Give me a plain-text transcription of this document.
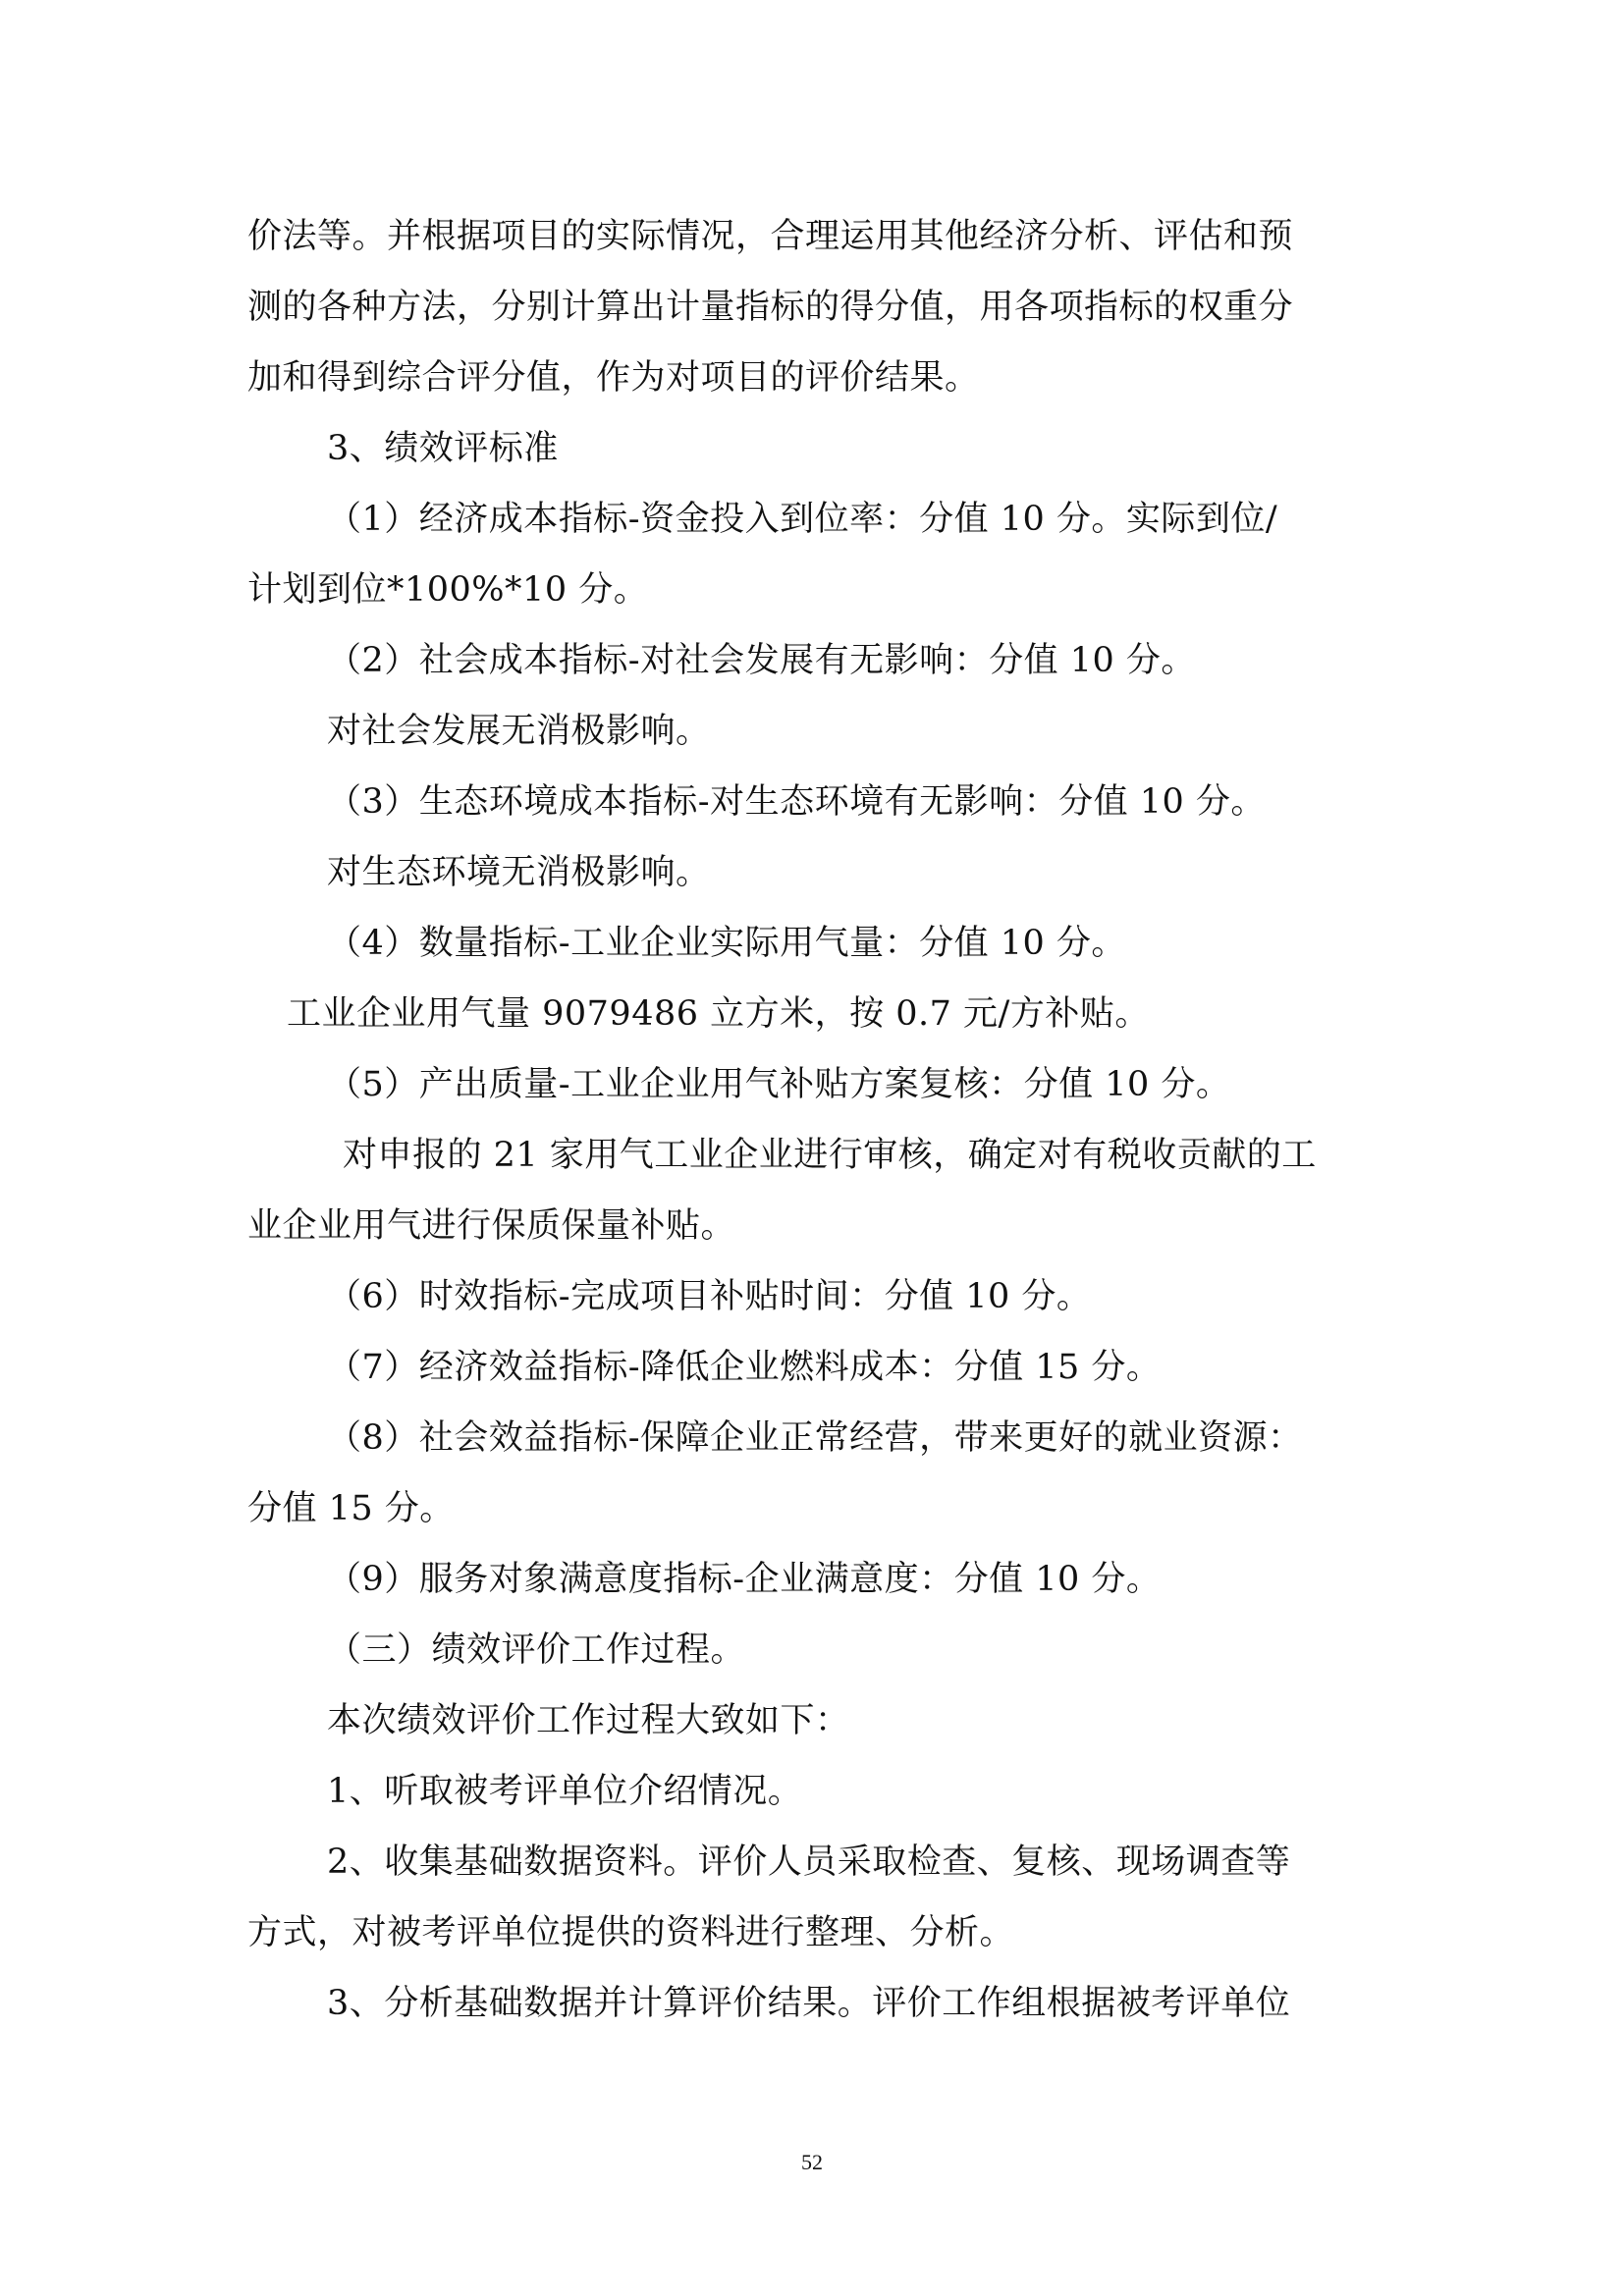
价法等。并根据项目的实际情况，合理运用其他经济分析、评估和预
测的各种方法，分别计算出计量指标的得分值，用各项指标的权重分
加和得到综合评分值，作为对项目的评价结果。
3、绩效评标准
（1）经济成本指标-资金投入到位率：分值 10 分。实际到位/
计划到位*100%*10 分。
（2）社会成本指标-对社会发展有无影响：分值 10 分。
对社会发展无消极影响。
（3）生态环境成本指标-对生态环境有无影响：分值 10 分。
对生态环境无消极影响。
（4）数量指标-工业企业实际用气量：分值 10 分。
工业企业用气量 9079486 立方米，按 0.7 元/方补贴。
（5）产出质量-工业企业用气补贴方案复核：分值 10 分。
对申报的 21 家用气工业企业进行审核，确定对有税收贡献的工
业企业用气进行保质保量补贴。
（6）时效指标-完成项目补贴时间：分值 10 分。
（7）经济效益指标-降低企业燃料成本：分值 15 分。
（8）社会效益指标-保障企业正常经营，带来更好的就业资源：
分值 15 分。
（9）服务对象满意度指标-企业满意度：分值 10 分。
（三）绩效评价工作过程。
本次绩效评价工作过程大致如下：
1、听取被考评单位介绍情况。
2、收集基础数据资料。评价人员采取检查、复核、现场调查等
方式，对被考评单位提供的资料进行整理、分析。
3、分析基础数据并计算评价结果。评价工作组根据被考评单位
52
